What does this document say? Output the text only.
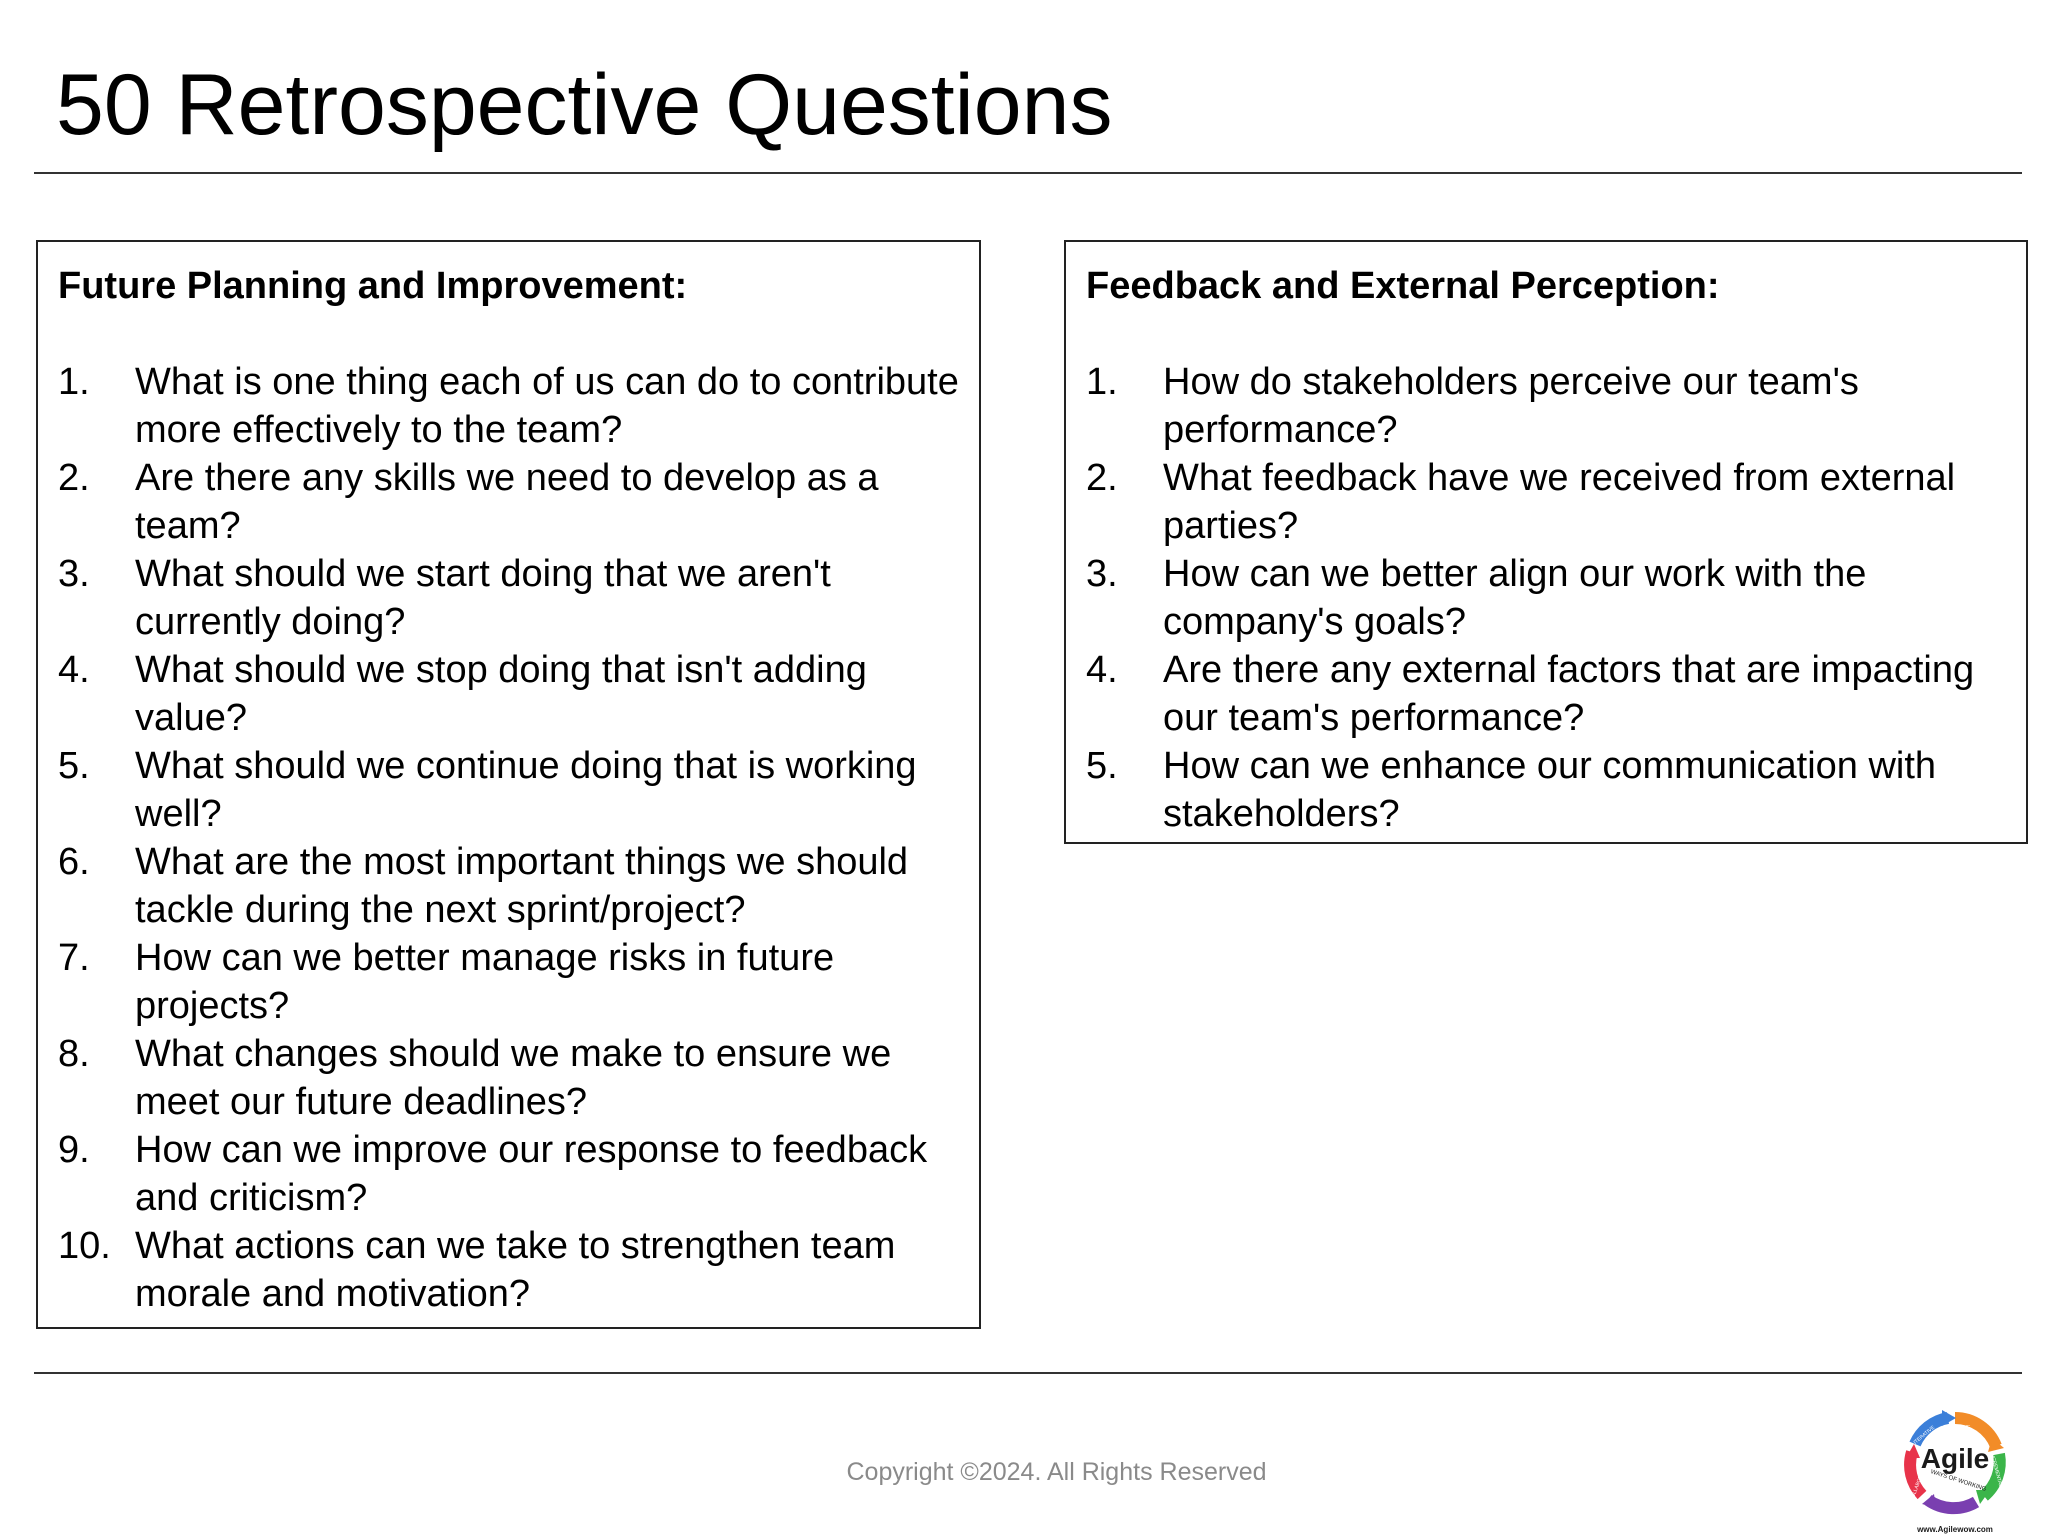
50 Retrospective Questions
Future Planning and Improvement:
1.	What is one thing each of us can do to contribute more effectively to the team?
2.	Are there any skills we need to develop as a team?
3.	What should we start doing that we aren't currently doing?
4.	What should we stop doing that isn't adding value?
5.	What should we continue doing that is working well?
6.	What are the most important things we should tackle during the next sprint/project?
7.	How can we better manage risks in future projects?
8.	What changes should we make to ensure we meet our future deadlines?
9.	How can we improve our response to feedback and criticism?
10. What actions can we take to strengthen team morale and motivation?
Feedback and External Perception:
1.	How do stakeholders perceive our team's performance?
2.	What feedback have we received from external parties?
3.	How can we better align our work with the company's goals?
4.	Are there any external factors that are impacting our team's performance?
5.	How can we enhance our communication with stakeholders?

Copyright ©2024. All Rights Reserved

ADAPTIVE
ITERATIVE
INCREMENTAL
COLLABORATIVE
Agile
WAYS OF WORKING
www.Agilewow.com
